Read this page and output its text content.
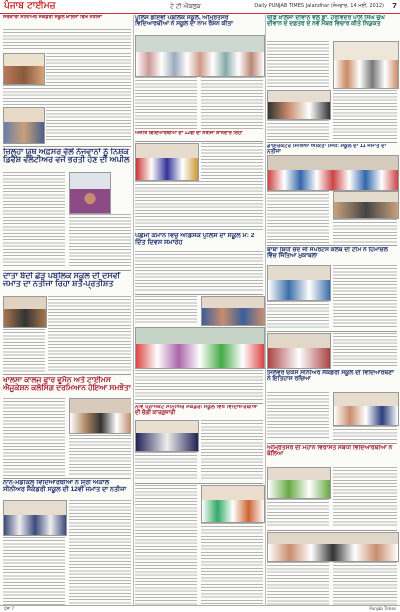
ਪੰਜਾਬ ਟਾਈਮਜ਼	ਟੇ ਟੀ ਐਂਕਲੁਕ	Daily PUNJAB TIMES Jalandhar (ਸੋਮਵਾਰ, 14 ਮਈ, 2012) 7
ਸਰਕਾਰੀ ਸੀਨੀਅਰ ਸੈਕੰਡਰੀ ਸਕੂਲ ਖ਼ਾਲਸਾ ਵਿਖੇ ਨਤੀਜਾ
ਜ਼ਿਲ੍ਹਾ ਯੂਥ ਅਫ਼ਸਰ ਵੱਲੋਂ ਨੌਜਵਾਨਾਂ ਨੂੰ ਨਿਸ਼ਕ ਡਿਵੈਸ਼ ਵਲੰਟੀਅਰ ਵਜੋਂ ਭਰਤੀ ਹੋਣ ਦੀ ਅਪੀਲ
ਦਾਤਾ ਬੰਦੀ ਛੋੜ ਪਬਲਿਕ ਸਕੂਲ ਦੀ ਦਸਵੀਂ ਜਮਾਤ ਦਾ ਨਤੀਜਾ ਰਿਹਾ ਸ਼ਤ-ਪ੍ਰਤੀਸ਼ਤ
ਖਾਲਸਾ ਕਾਲਜ ਫਾਰ ਵੂਮੈਨ ਅਤੇ ਟਾਈਮਸ ਐਜੂਕੇਸ਼ਨ ਕਲੋਸਿੰਗ ਦਰਮਿਆਨ ਹੋਇਆ ਸਮਝੌਤਾ
ਨਾਨ-ਮੈਡੀਕਲ ਵਿਦਿਆਰਥੀਆਂ ਨੇ ਸ੍ਰੀ ਅਕਾਲ ਸੀਨੀਅਰ ਸੈਕੰਡਰੀ ਸਕੂਲ ਦੀ 12ਵੀਂ ਜਮਾਤ ਦਾ ਨਤੀਜਾ
ਪੁਲਿਸ ਡੀਏਵੀ ਪਬਲਿਕ ਸਕੂਲ, ਅੰਮ੍ਰਿਤਸਰ ਵਿਦਿਆਰਥੀਆਂ ਨੇ ਸਕੂਲ ਦਾ ਨਾਮ ਰੌਸ਼ਨ ਕੀਤਾ
ਅਜੀਤ ਵਿਦਿਆਰਥੀਆਂ ਦਾ 12ਵੀਂ ਦਾ ਨਤੀਜਾ ਸ਼ਾਨਦਾਰ ਰਿਹਾ
ਪੱਛਮੀ ਕਮਾਨ ਵਿੱਚ ਐਂਡਿਸਕ ਪੁਲਿਸ ਦਾ ਸਕੂਲ ਮ: 2 ਦਿੱਤ ਦਿਵਸ ਸਮਾਰੋਹ
ਨੀਂਵ ਪ੍ਰਾਜੈਕਟ ਸੀਨੀਅਰ ਸੈਕੰਡਰੀ ਸਕੂਲ ਵਿਖੇ ਵਿਦਿਆਰਥੀਆਂ ਦੀ ਚੰਗੀ ਕਾਰਗੁਜ਼ਾਰੀ
ਚੀਫ਼ ਖ਼ਾਲਸਾ ਦੀਵਾਨ ਵੱਲੋਂ ਡਾ. ਹਰਵਿੰਦਰ ਪਾਲ ਸਿੰਘ ਚੁੱਘ ਦੀਵਾਨ ਦੇ ਦਫ਼ਤਰ ਦੇ ਨਵੇਂ ਮੈਂਬਰ ਵਿਚਾਰ ਕੀਤੇ ਨਿਯੁਕਤ
ਡਾਇਰੈਕਟਰ ਸਿੱਖਿਆ ਅੰਕਿਤਾ ਸਿੰਘ: ਸਕੂਲ ਦਾ 11 ਜਮਾਤ ਦਾ ਨਤੀਜਾ
ਬਾਬਾ ਬਿਧੀ ਚੰਦ ਜੀ ਸਪੋਰਟਸ ਕਲੱਬ ਦੀ ਟੀਮ ਨੇ ਹਿਮਾਚਲ ਵਿੱਚ ਜਿੱਤਿਆ ਮੁਕਾਬਲਾ
ਸਿਲਵਰ ਓਕਸ ਸੀਨੀਅਰ ਸੈਕੰਡਰੀ ਸਕੂਲ ਦੀ ਵਿਦਿਆਰਥਣਾਂ ਨੇ ਇਤਿਹਾਸ ਰਚਿਆ
ਅੰਮ੍ਰਿਤਸਰ ਦੀ ਮਹਾਨ ਵਿਰਾਸਤ ਸਬੰਧੀ ਵਿਦਿਆਰਥੀਆਂ ਨੇ ਬੋਲਿਆ
ਪੰਨਾ 7	Punjab Times
